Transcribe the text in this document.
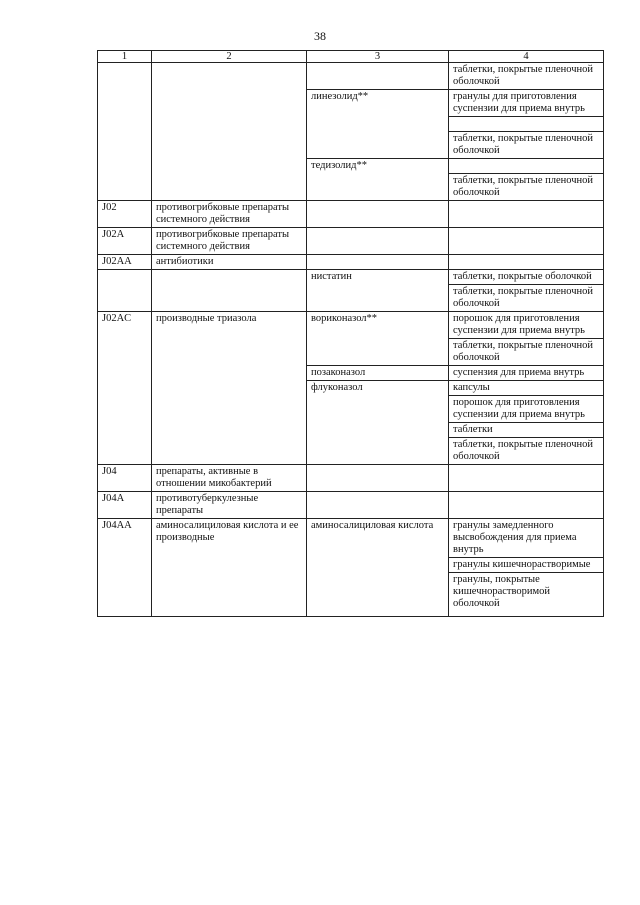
38
1	2	3	4
			таблетки, покрытые пленочной оболочкой
		линезолид**	гранулы для приготовления суспензии для приема внутрь

			таблетки, покрытые пленочной оболочкой
		тедизолид**	
			таблетки, покрытые пленочной оболочкой

J02	противогрибковые препараты системного действия		
J02A	противогрибковые препараты системного действия		
J02AA	антибиотики		
		нистатин	таблетки, покрытые оболочкой
			таблетки, покрытые пленочной оболочкой
J02AC	производные триазола	вориконазол**	порошок для приготовления суспензии для приема внутрь
			таблетки, покрытые пленочной оболочкой
		позаконазол	суспензия для приема внутрь
		флуконазол	капсулы
			порошок для приготовления суспензии для приема внутрь
			таблетки
			таблетки, покрытые пленочной оболочкой

J04	препараты, активные в отношении микобактерий		
J04A	противотуберкулезные препараты		
J04AA	аминосалициловая кислота и ее производные	аминосалициловая кислота	гранулы замедленного высвобождения для приема внутрь
			гранулы кишечнорастворимые
			гранулы, покрытые кишечнорастворимой оболочкой
